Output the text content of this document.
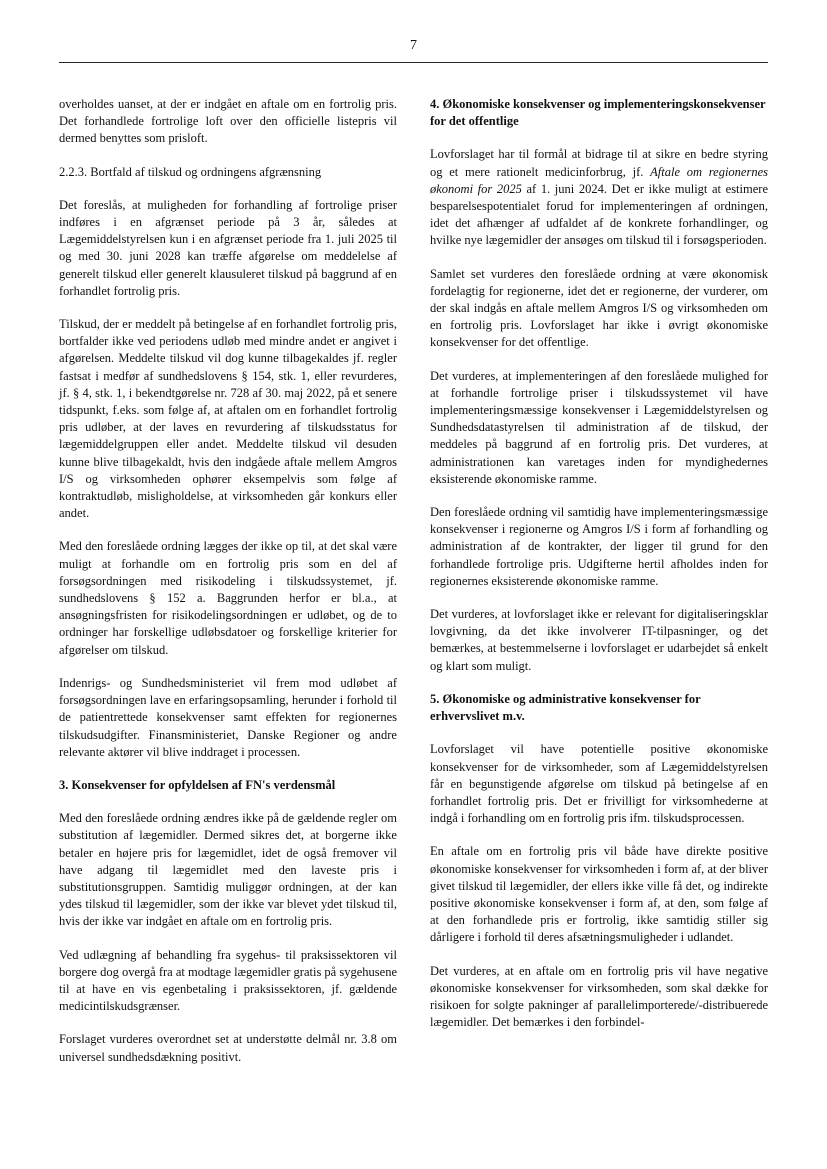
7

overholdes uanset, at der er indgået en aftale om en fortrolig pris. Det forhandlede fortrolige loft over den officielle listepris vil dermed benyttes som prisloft.

2.2.3. Bortfald af tilskud og ordningens afgrænsning

Det foreslås, at muligheden for forhandling af fortrolige priser indføres i en afgrænset periode på 3 år, således at Lægemiddelstyrelsen kun i en afgrænset periode fra 1. juli 2025 til og med 30. juni 2028 kan træffe afgørelse om meddelelse af generelt tilskud eller generelt klausuleret tilskud på baggrund af en forhandlet fortrolig pris.

Tilskud, der er meddelt på betingelse af en forhandlet fortrolig pris, bortfalder ikke ved periodens udløb med mindre andet er angivet i afgørelsen. Meddelte tilskud vil dog kunne tilbagekaldes jf. regler fastsat i medfør af sundhedslovens § 154, stk. 1, eller revurderes, jf. § 4, stk. 1, i bekendtgørelse nr. 728 af 30. maj 2022, på et senere tidspunkt, f.eks. som følge af, at aftalen om en forhandlet fortrolig pris udløber, at der laves en revurdering af tilskudsstatus for lægemiddelgruppen eller andet. Meddelte tilskud vil desuden kunne blive tilbagekaldt, hvis den indgåede aftale mellem Amgros I/S og virksomheden ophører eksempelvis som følge af kontraktudløb, misligholdelse, at virksomheden går konkurs eller andet.

Med den foreslåede ordning lægges der ikke op til, at det skal være muligt at forhandle om en fortrolig pris som en del af forsøgsordningen med risikodeling i tilskudssystemet, jf. sundhedslovens § 152 a. Baggrunden herfor er bl.a., at ansøgningsfristen for risikodelingsordningen er udløbet, og de to ordninger har forskellige udløbsdatoer og forskellige kriterier for afgørelser om tilskud.

Indenrigs- og Sundhedsministeriet vil frem mod udløbet af forsøgsordningen lave en erfaringsopsamling, herunder i forhold til de patientrettede konsekvenser samt effekten for regionernes tilskudsudgifter. Finansministeriet, Danske Regioner og andre relevante aktører vil blive inddraget i processen.

3. Konsekvenser for opfyldelsen af FN's verdensmål

Med den foreslåede ordning ændres ikke på de gældende regler om substitution af lægemidler. Dermed sikres det, at borgerne ikke betaler en højere pris for lægemidlet, idet de også fremover vil have adgang til lægemidlet med den laveste pris i substitutionsgruppen. Samtidig muliggør ordningen, at der kan ydes tilskud til lægemidler, som der ikke var blevet ydet tilskud til, hvis der ikke var indgået en aftale om en fortrolig pris.

Ved udlægning af behandling fra sygehus- til praksissektoren vil borgere dog overgå fra at modtage lægemidler gratis på sygehusene til at have en vis egenbetaling i praksissektoren, jf. gældende medicintilskudsgrænser.

Forslaget vurderes overordnet set at understøtte delmål nr. 3.8 om universel sundhedsdækning positivt.

4. Økonomiske konsekvenser og implementeringskonsekvenser for det offentlige

Lovforslaget har til formål at bidrage til at sikre en bedre styring og et mere rationelt medicinforbrug, jf. Aftale om regionernes økonomi for 2025 af 1. juni 2024. Det er ikke muligt at estimere besparelsespotentialet forud for implementeringen af ordningen, idet det afhænger af udfaldet af de konkrete forhandlinger, og hvilke nye lægemidler der ansøges om tilskud til i forsøgsperioden.

Samlet set vurderes den foreslåede ordning at være økonomisk fordelagtig for regionerne, idet det er regionerne, der vurderer, om der skal indgås en aftale mellem Amgros I/S og virksomheden om en fortrolig pris. Lovforslaget har ikke i øvrigt økonomiske konsekvenser for det offentlige.

Det vurderes, at implementeringen af den foreslåede mulighed for at forhandle fortrolige priser i tilskudssystemet vil have implementeringsmæssige konsekvenser i Lægemiddelstyrelsen og Sundhedsdatastyrelsen til administration af de tilskud, der meddeles på baggrund af en fortrolig pris. Det vurderes, at administrationen kan varetages inden for myndighedernes eksisterende økonomiske ramme.

Den foreslåede ordning vil samtidig have implementeringsmæssige konsekvenser i regionerne og Amgros I/S i form af forhandling og administration af de kontrakter, der ligger til grund for den forhandlede fortrolige pris. Udgifterne hertil afholdes inden for regionernes eksisterende økonomiske ramme.

Det vurderes, at lovforslaget ikke er relevant for digitaliseringsklar lovgivning, da det ikke involverer IT-tilpasninger, og det bemærkes, at bestemmelserne i lovforslaget er udarbejdet så enkelt og klart som muligt.

5. Økonomiske og administrative konsekvenser for erhvervslivet m.v.

Lovforslaget vil have potentielle positive økonomiske konsekvenser for de virksomheder, som af Lægemiddelstyrelsen får en begunstigende afgørelse om tilskud på betingelse af en forhandlet fortrolig pris. Det er frivilligt for virksomhederne at indgå i forhandling om en fortrolig pris ifm. tilskudsprocessen.

En aftale om en fortrolig pris vil både have direkte positive økonomiske konsekvenser for virksomheden i form af, at der bliver givet tilskud til lægemidler, der ellers ikke ville få det, og indirekte positive økonomiske konsekvenser i form af, at den, som følge af at den forhandlede pris er fortrolig, ikke samtidig stiller sig dårligere i forhold til deres afsætningsmuligheder i udlandet.

Det vurderes, at en aftale om en fortrolig pris vil have negative økonomiske konsekvenser for virksomheden, som skal dække for risikoen for solgte pakninger af parallelimporterede/-distribuerede lægemidler. Det bemærkes i den forbindel-
